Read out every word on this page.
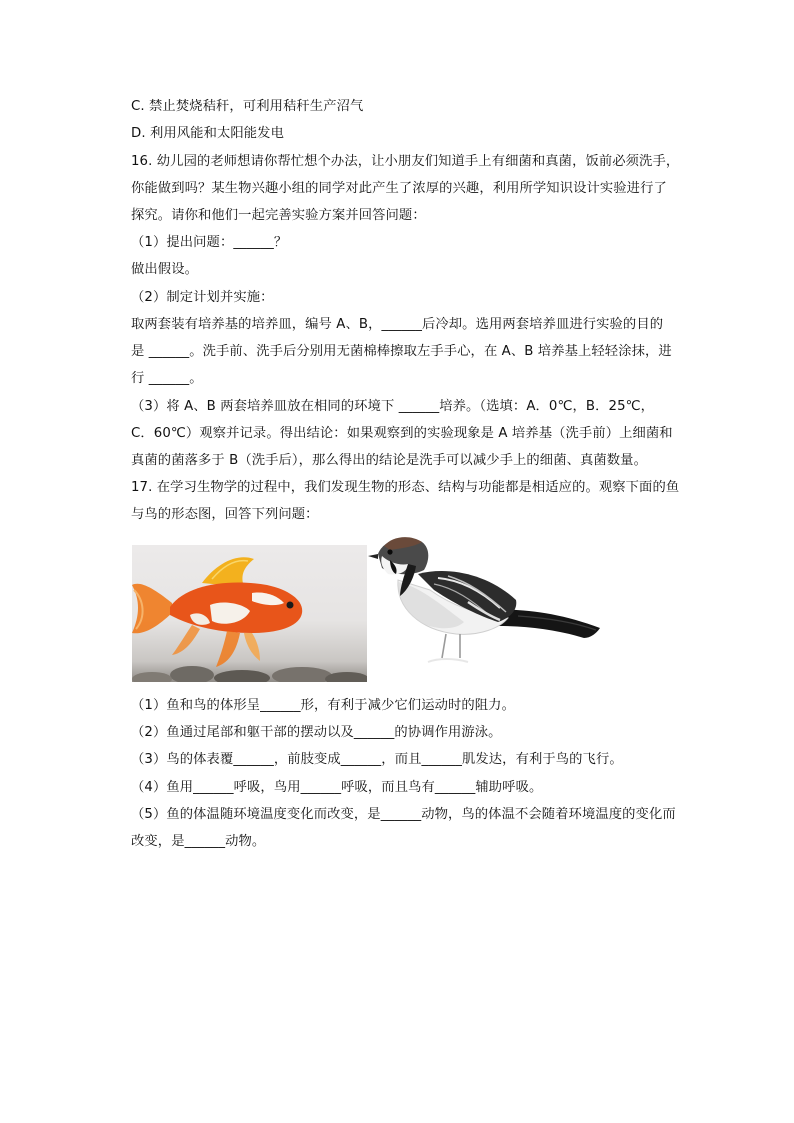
C. 禁止焚烧秸秆，可利用秸秆生产沼气
D. 利用风能和太阳能发电
16. 幼儿园的老师想请你帮忙想个办法，让小朋友们知道手上有细菌和真菌，饭前必须洗手，
你能做到吗？某生物兴趣小组的同学对此产生了浓厚的兴趣，利用所学知识设计实验进行了
探究。请你和他们一起完善实验方案并回答问题：
（1）提出问题：______？
做出假设。
（2）制定计划并实施：
取两套装有培养基的培养皿，编号 A、B，______后冷却。选用两套培养皿进行实验的目的
是 ______。洗手前、洗手后分别用无菌棉棒擦取左手手心，在 A、B 培养基上轻轻涂抹，进
行 ______。
（3）将 A、B 两套培养皿放在相同的环境下 ______培养。（选填：A．0℃，B．25℃，
C．60℃）观察并记录。得出结论：如果观察到的实验现象是 A 培养基（洗手前）上细菌和
真菌的菌落多于 B（洗手后），那么得出的结论是洗手可以减少手上的细菌、真菌数量。
17. 在学习生物学的过程中，我们发现生物的形态、结构与功能都是相适应的。观察下面的鱼
与鸟的形态图，回答下列问题：
（1）鱼和鸟的体形呈______形，有利于减少它们运动时的阻力。
（2）鱼通过尾部和躯干部的摆动以及______的协调作用游泳。
（3）鸟的体表覆______，前肢变成______，而且______肌发达，有利于鸟的飞行。
（4）鱼用______呼吸，鸟用______呼吸，而且鸟有______辅助呼吸。
（5）鱼的体温随环境温度变化而改变，是______动物，鸟的体温不会随着环境温度的变化而
改变，是______动物。
